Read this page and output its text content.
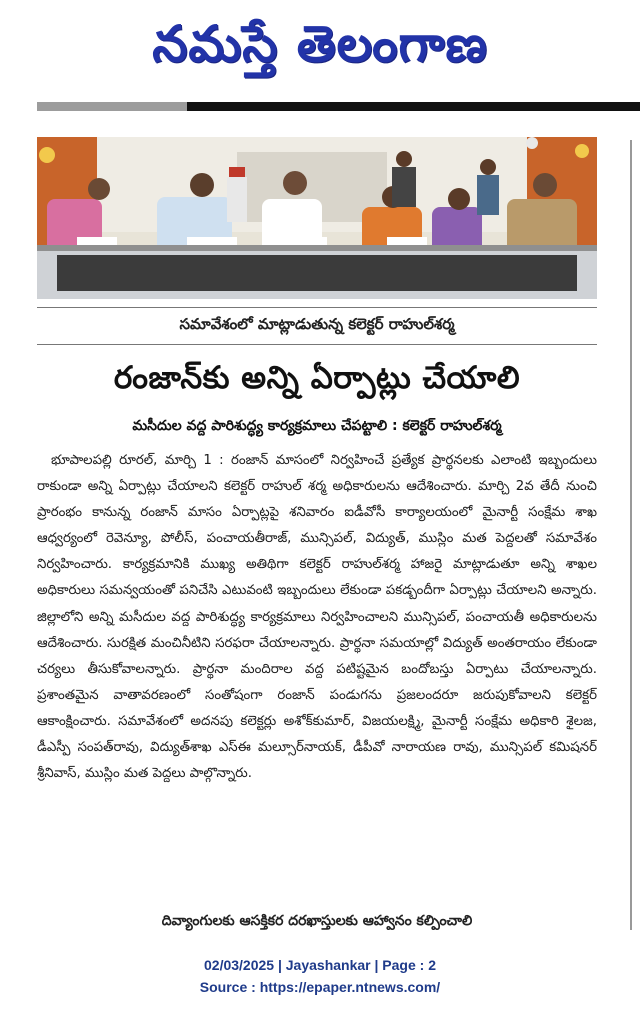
నమస్తే తెలంగాణ
సమావేశంలో మాట్లాడుతున్న కలెక్టర్ రాహుల్‌శర్మ
రంజాన్‌కు అన్ని ఏర్పాట్లు చేయాలి
మసీదుల వద్ద పారిశుద్ధ్య కార్యక్రమాలు చేపట్టాలి : కలెక్టర్ రాహుల్‌శర్మ
భూపాలపల్లి రూరల్, మార్చి 1 : రంజాన్ మాసంలో నిర్వహించే ప్రత్యేక ప్రార్థనలకు ఎలాంటి ఇబ్బందులు రాకుండా అన్ని ఏర్పాట్లు చేయాలని కలెక్టర్ రాహుల్ శర్మ అధికారులను ఆదేశించారు. మార్చి 2వ తేదీ నుంచి ప్రారంభం కానున్న రంజాన్ మాసం ఏర్పాట్లపై శనివారం ఐడీవోసీ కార్యాలయంలో మైనార్టీ సంక్షేమ శాఖ ఆధ్వర్యంలో రెవెన్యూ, పోలీస్, పంచాయతీరాజ్, మున్సిపల్, విద్యుత్, ముస్లిం మత పెద్దలతో సమావేశం నిర్వహించారు. కార్యక్రమానికి ముఖ్య అతిథిగా కలెక్టర్ రాహుల్‌శర్మ హాజరై మాట్లాడుతూ అన్ని శాఖల అధికారులు సమన్వయంతో పనిచేసి ఎటువంటి ఇబ్బందులు లేకుండా పకడ్బందీగా ఏర్పాట్లు చేయాలని అన్నారు. జిల్లాలోని అన్ని మసీదుల వద్ద పారిశుద్ధ్య కార్యక్రమాలు నిర్వహించాలని మున్సిపల్, పంచాయతీ అధికారులను ఆదేశించారు. సురక్షిత మంచినీటిని సరఫరా చేయాలన్నారు. ప్రార్థనా సమయాల్లో విద్యుత్ అంతరాయం లేకుండా చర్యలు తీసుకోవాలన్నారు. ప్రార్థనా మందిరాల వద్ద పటిష్టమైన బందోబస్తు ఏర్పాటు చేయాలన్నారు. ప్రశాంతమైన వాతావరణంలో సంతోషంగా రంజాన్ పండుగను ప్రజలందరూ జరుపుకోవాలని కలెక్టర్ ఆకాంక్షించారు. సమావేశంలో అదనపు కలెక్టర్లు అశోక్‌కుమార్, విజయలక్ష్మి, మైనార్టీ సంక్షేమ అధికారి శైలజ, డీఎస్పీ సంపత్‌రావు, విద్యుత్‌శాఖ ఎస్ఈ మల్సూర్‌నాయక్, డీపీవో నారాయణ రావు, మున్సిపల్ కమిషనర్ శ్రీనివాస్, ముస్లిం మత పెద్దలు పాల్గొన్నారు.
దివ్యాంగులకు ఆసక్తికర దరఖాస్తులకు ఆహ్వానం కల్పించాలి
02/03/2025 | Jayashankar | Page : 2
Source : https://epaper.ntnews.com/
